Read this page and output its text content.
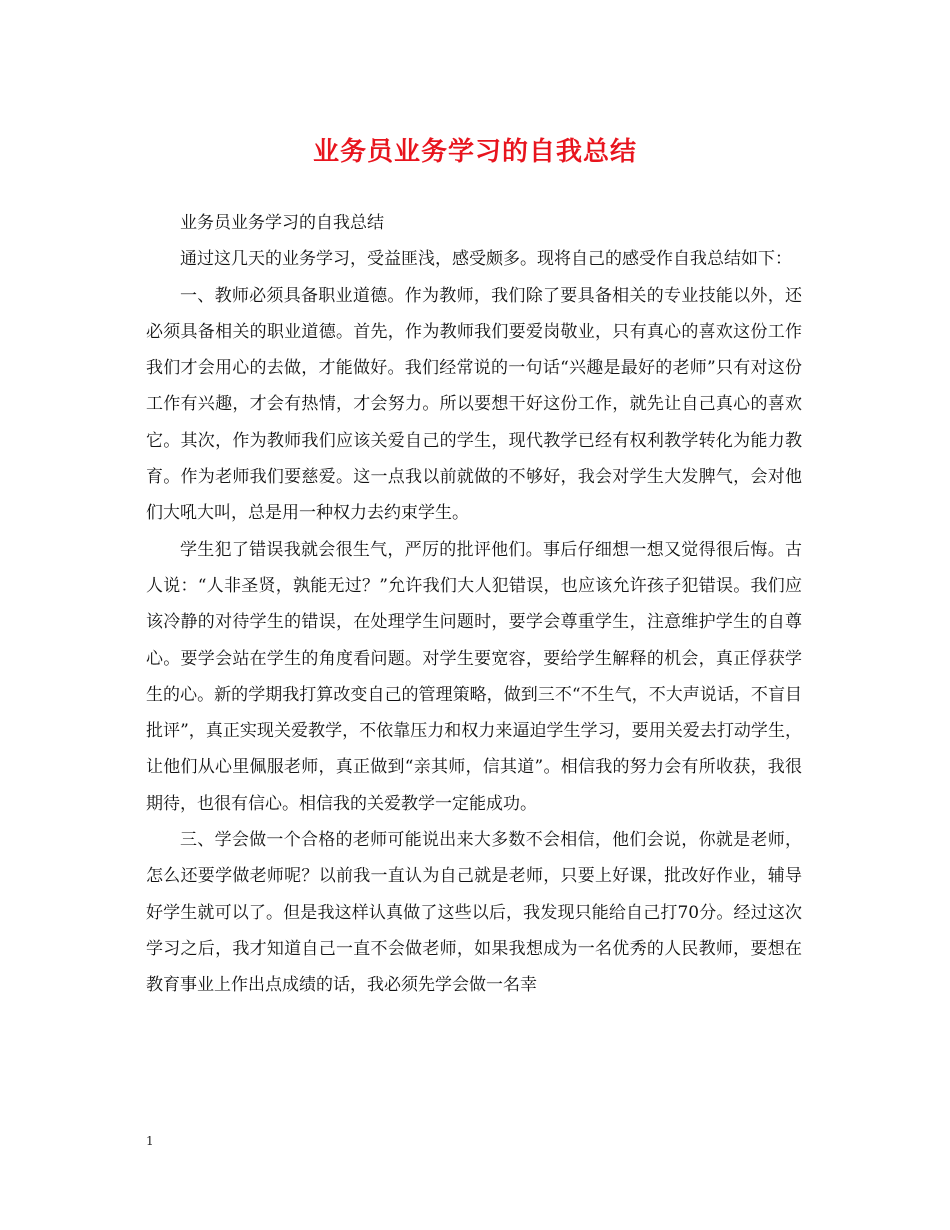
业务员业务学习的自我总结

业务员业务学习的自我总结

通过这几天的业务学习，受益匪浅，感受颇多。现将自己的感受作自我总结如下：

一、教师必须具备职业道德。作为教师，我们除了要具备相关的专业技能以外，还必须具备相关的职业道德。首先，作为教师我们要爱岗敬业，只有真心的喜欢这份工作我们才会用心的去做，才能做好。我们经常说的一句话“兴趣是最好的老师”只有对这份工作有兴趣，才会有热情，才会努力。所以要想干好这份工作，就先让自己真心的喜欢它。其次，作为教师我们应该关爱自己的学生，现代教学已经有权利教学转化为能力教育。作为老师我们要慈爱。这一点我以前就做的不够好，我会对学生大发脾气，会对他们大吼大叫，总是用一种权力去约束学生。

学生犯了错误我就会很生气，严厉的批评他们。事后仔细想一想又觉得很后悔。古人说：“人非圣贤，孰能无过？”允许我们大人犯错误，也应该允许孩子犯错误。我们应该冷静的对待学生的错误，在处理学生问题时，要学会尊重学生，注意维护学生的自尊心。要学会站在学生的角度看问题。对学生要宽容，要给学生解释的机会，真正俘获学生的心。新的学期我打算改变自己的管理策略，做到三不“不生气，不大声说话，不盲目批评”，真正实现关爱教学，不依靠压力和权力来逼迫学生学习，要用关爱去打动学生，让他们从心里佩服老师，真正做到“亲其师，信其道”。相信我的努力会有所收获，我很期待，也很有信心。相信我的关爱教学一定能成功。

三、学会做一个合格的老师可能说出来大多数不会相信，他们会说，你就是老师，怎么还要学做老师呢？以前我一直认为自己就是老师，只要上好课，批改好作业，辅导好学生就可以了。但是我这样认真做了这些以后，我发现只能给自己打70分。经过这次学习之后，我才知道自己一直不会做老师，如果我想成为一名优秀的人民教师，要想在教育事业上作出点成绩的话，我必须先学会做一名幸

1
